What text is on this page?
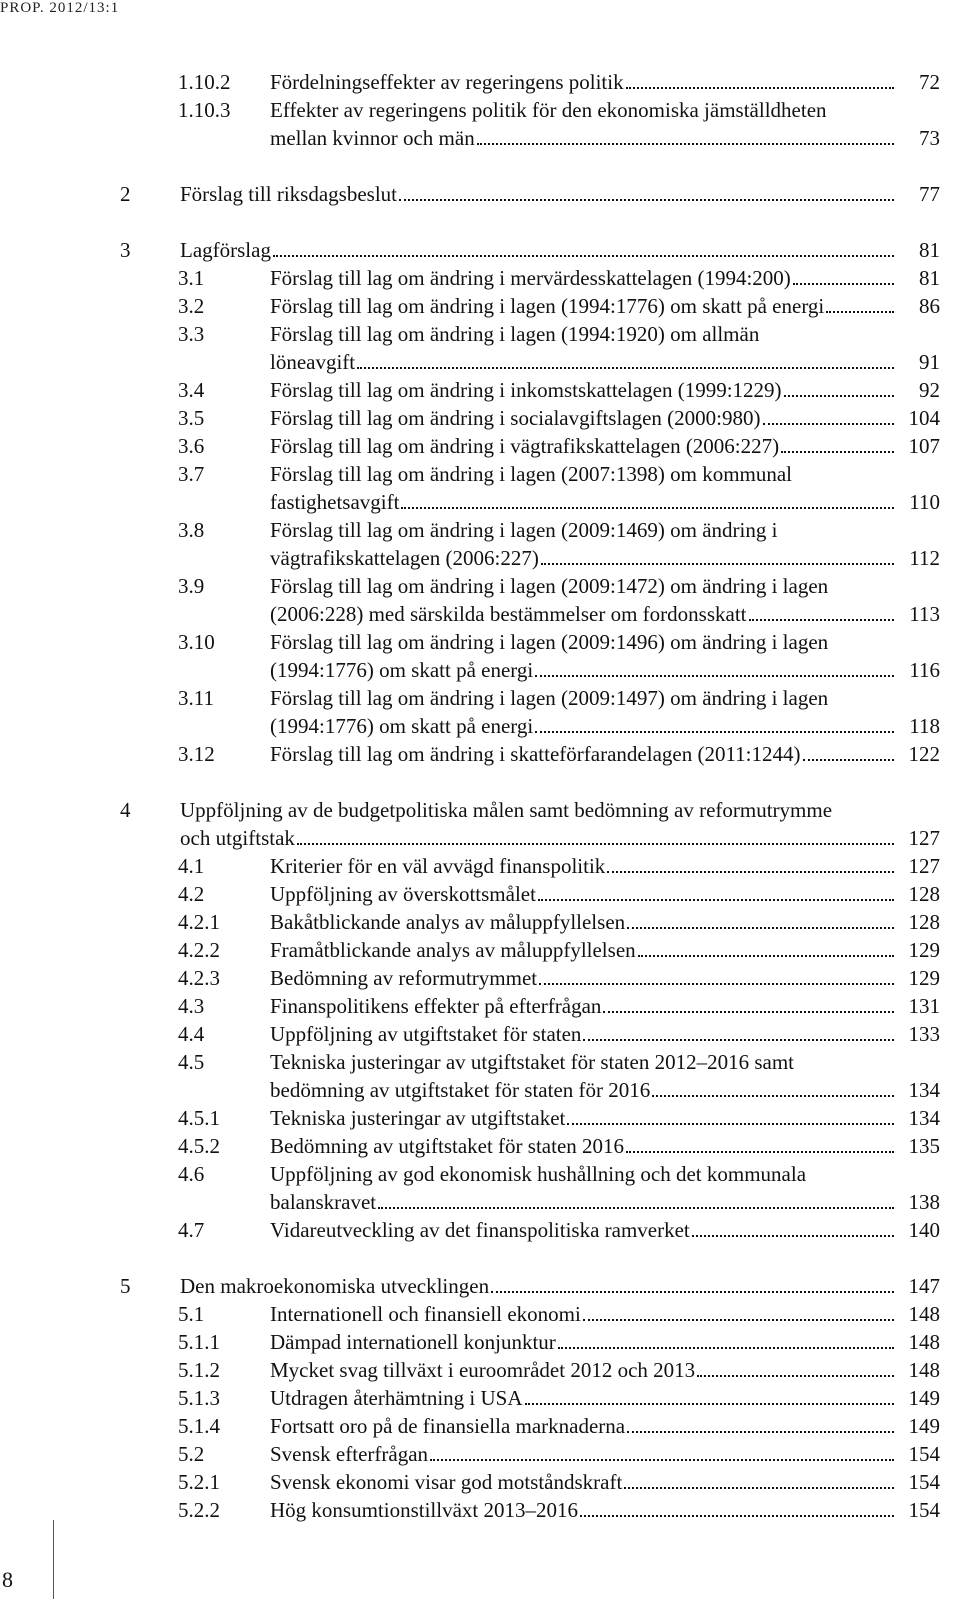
PROP. 2012/13:1
8
1.10.2 Fördelningseffekter av regeringens politik	72
1.10.3 Effekter av regeringens politik för den ekonomiska jämställdheten
mellan kvinnor och män	73
2 Förslag till riksdagsbeslut	77
3 Lagförslag	81
3.1	Förslag till lag om ändring i mervärdesskattelagen (1994:200)	81
3.2	Förslag till lag om ändring i lagen (1994:1776) om skatt på energi	86
3.3	Förslag till lag om ändring i lagen (1994:1920) om allmän
löneavgift	91
3.4	Förslag till lag om ändring i inkomstskattelagen (1999:1229)	92
3.5	Förslag till lag om ändring i socialavgiftslagen (2000:980)	104
3.6	Förslag till lag om ändring i vägtrafikskattelagen (2006:227)	107
3.7	Förslag till lag om ändring i lagen (2007:1398) om kommunal
fastighetsavgift	110
3.8	Förslag till lag om ändring i lagen (2009:1469) om ändring i
vägtrafikskattelagen (2006:227)	112
3.9	Förslag till lag om ändring i lagen (2009:1472) om ändring i lagen
(2006:228) med särskilda bestämmelser om fordonsskatt	113
3.10	Förslag till lag om ändring i lagen (2009:1496) om ändring i lagen
(1994:1776) om skatt på energi	116
3.11	Förslag till lag om ändring i lagen (2009:1497) om ändring i lagen
(1994:1776) om skatt på energi	118
3.12	Förslag till lag om ändring i skatteförfarandelagen (2011:1244)	122
4 Uppföljning av de budgetpolitiska målen samt bedömning av reformutrymme
och utgiftstak	127
4.1	Kriterier för en väl avvägd finanspolitik	127
4.2	Uppföljning av överskottsmålet	128
4.2.1 Bakåtblickande analys av måluppfyllelsen	128
4.2.2 Framåtblickande analys av måluppfyllelsen	129
4.2.3 Bedömning av reformutrymmet	129
4.3	Finanspolitikens effekter på efterfrågan	131
4.4	Uppföljning av utgiftstaket för staten	133
4.5	Tekniska justeringar av utgiftstaket för staten 2012–2016 samt
bedömning av utgiftstaket för staten för 2016	134
4.5.1 Tekniska justeringar av utgiftstaket	134
4.5.2 Bedömning av utgiftstaket för staten 2016	135
4.6	Uppföljning av god ekonomisk hushållning och det kommunala
balanskravet	138
4.7	Vidareutveckling av det finanspolitiska ramverket	140
5 Den makroekonomiska utvecklingen	147
5.1	Internationell och finansiell ekonomi	148
5.1.1 Dämpad internationell konjunktur	148
5.1.2 Mycket svag tillväxt i euroområdet 2012 och 2013	148
5.1.3 Utdragen återhämtning i USA	149
5.1.4 Fortsatt oro på de finansiella marknaderna	149
5.2	Svensk efterfrågan	154
5.2.1 Svensk ekonomi visar god motståndskraft	154
5.2.2 Hög konsumtionstillväxt 2013–2016	154
